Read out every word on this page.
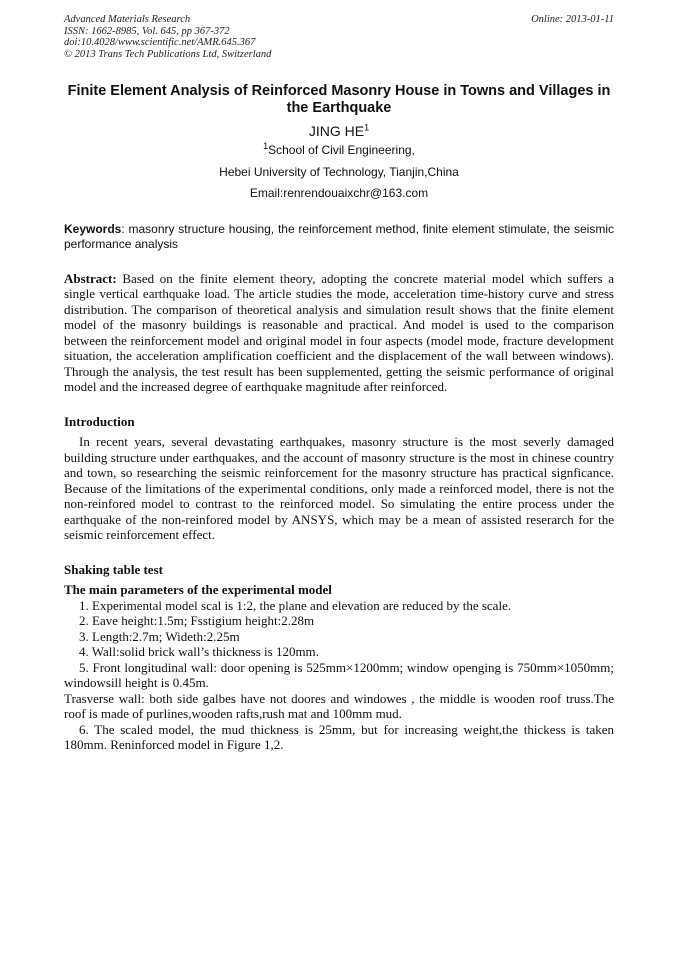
Advanced Materials Research
ISSN: 1662-8985, Vol. 645, pp 367-372
doi:10.4028/www.scientific.net/AMR.645.367
© 2013 Trans Tech Publications Ltd, Switzerland
Online: 2013-01-11
Finite Element Analysis of Reinforced Masonry House in Towns and Villages in the Earthquake
JING $HE^1$
$^1$School of Civil Engineering,
Hebei University of Technology, Tianjin,China
Email:renrendouaixchr@163.com
Keywords: masonry structure housing, the reinforcement method, finite element stimulate, the seismic performance analysis
Abstract: Based on the finite element theory, adopting the concrete material model which suffers a single vertical earthquake load. The article studies the mode, acceleration time-history curve and stress distribution. The comparison of theoretical analysis and simulation result shows that the finite element model of the masonry buildings is reasonable and practical. And model is used to the comparison between the reinforcement model and original model in four aspects (model mode, fracture development situation, the acceleration amplification coefficient and the displacement of the wall between windows). Through the analysis, the test result has been supplemented, getting the seismic performance of original model and the increased degree of earthquake magnitude after reinforced.
Introduction
In recent years, several devastating earthquakes, masonry structure is the most severly damaged building structure under earthquakes, and the account of masonry structure is the most in chinese country and town, so researching the seismic reinforcement for the masonry structure has practical signficance. Because of the limitations of the experimental conditions, only made a reinforced model, there is not the non-reinfored model to contrast to the reinforced model. So simulating the entire process under the earthquake of the non-reinfored model by ANSYS, which may be a mean of assisted reserarch for the seismic reinforcement effect.
Shaking table test
The main parameters of the experimental model
1. Experimental model scal is 1:2, the plane and elevation are reduced by the scale.
2. Eave height:1.5m; Fsstigium height:2.28m
3. Length:2.7m; Wideth:2.25m
4. Wall:solid brick wall’s thickness is 120mm.
5. Front longitudinal wall: door opening is 525mm×1200mm; window openging is 750mm×1050mm; windowsill height is 0.45m.
Trasverse wall: both side galbes have not doores and windowes , the middle is wooden roof truss.The roof is made of purlines,wooden rafts,rush mat and 100mm mud.
6. The scaled model, the mud thickness is 25mm, but for increasing weight,the thickess is taken 180mm. Reninforced model in Figure 1,2.
